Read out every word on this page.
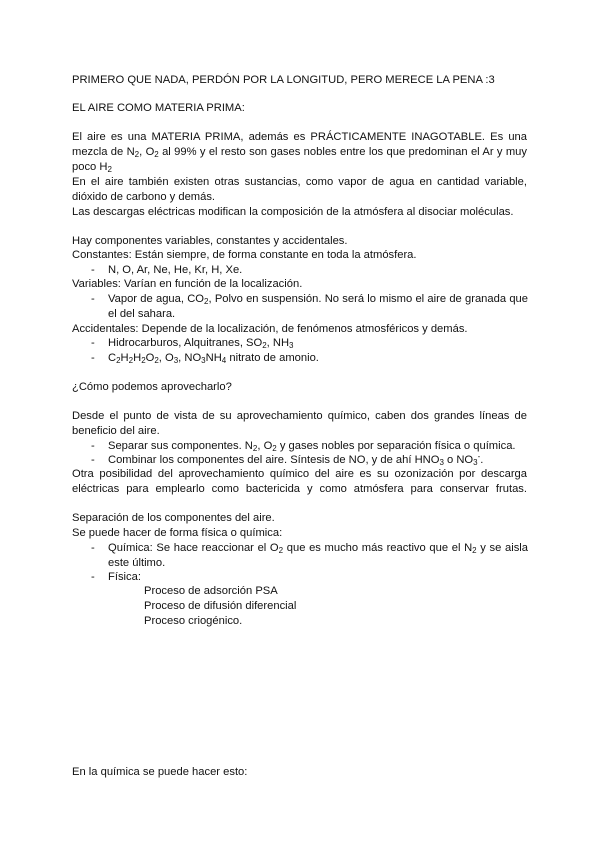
PRIMERO QUE NADA, PERDÓN POR LA LONGITUD, PERO MERECE LA PENA :3
EL AIRE COMO MATERIA PRIMA:
El aire es una MATERIA PRIMA, además es PRÁCTICAMENTE INAGOTABLE. Es una
mezcla de $N_2$, $O_2$ al 99% y el resto son gases nobles entre los que predominan el Ar y muy
poco $H_2$
En el aire también existen otras sustancias, como vapor de agua en cantidad variable,
dióxido de carbono y demás.
Las descargas eléctricas modifican la composición de la atmósfera al disociar moléculas.
Hay componentes variables, constantes y accidentales.
Constantes: Están siempre, de forma constante en toda la atmósfera.
- N, O, Ar, Ne, He, Kr, H, Xe.
Variables: Varían en función de la localización.
- Vapor de agua, $CO_2$, Polvo en suspensión. No será lo mismo el aire de granada que
el del sahara.
Accidentales: Depende de la localización, de fenómenos atmosféricos y demás.
- Hidrocarburos, Alquitranes, $SO_2$, $NH_3$
- $C_2H_2H_2O_2$, $O_3$, $NO_3NH_4$ nitrato de amonio.
¿Cómo podemos aprovecharlo?
Desde el punto de vista de su aprovechamiento químico, caben dos grandes líneas de
beneficio del aire.
- Separar sus componentes. $N_2$, $O_2$ y gases nobles por separación física o química.
- Combinar los componentes del aire. Síntesis de NO, y de ahí $HNO_3$ o $NO_3^-$.
Otra posibilidad del aprovechamiento químico del aire es su ozonización por descarga
eléctricas para emplearlo como bactericida y como atmósfera para conservar frutas.
Separación de los componentes del aire.
Se puede hacer de forma física o química:
- Química: Se hace reaccionar el $O_2$ que es mucho más reactivo que el $N_2$ y se aisla
este último.
- Física:
Proceso de adsorción PSA
Proceso de difusión diferencial
Proceso criogénico.
En la química se puede hacer esto:
